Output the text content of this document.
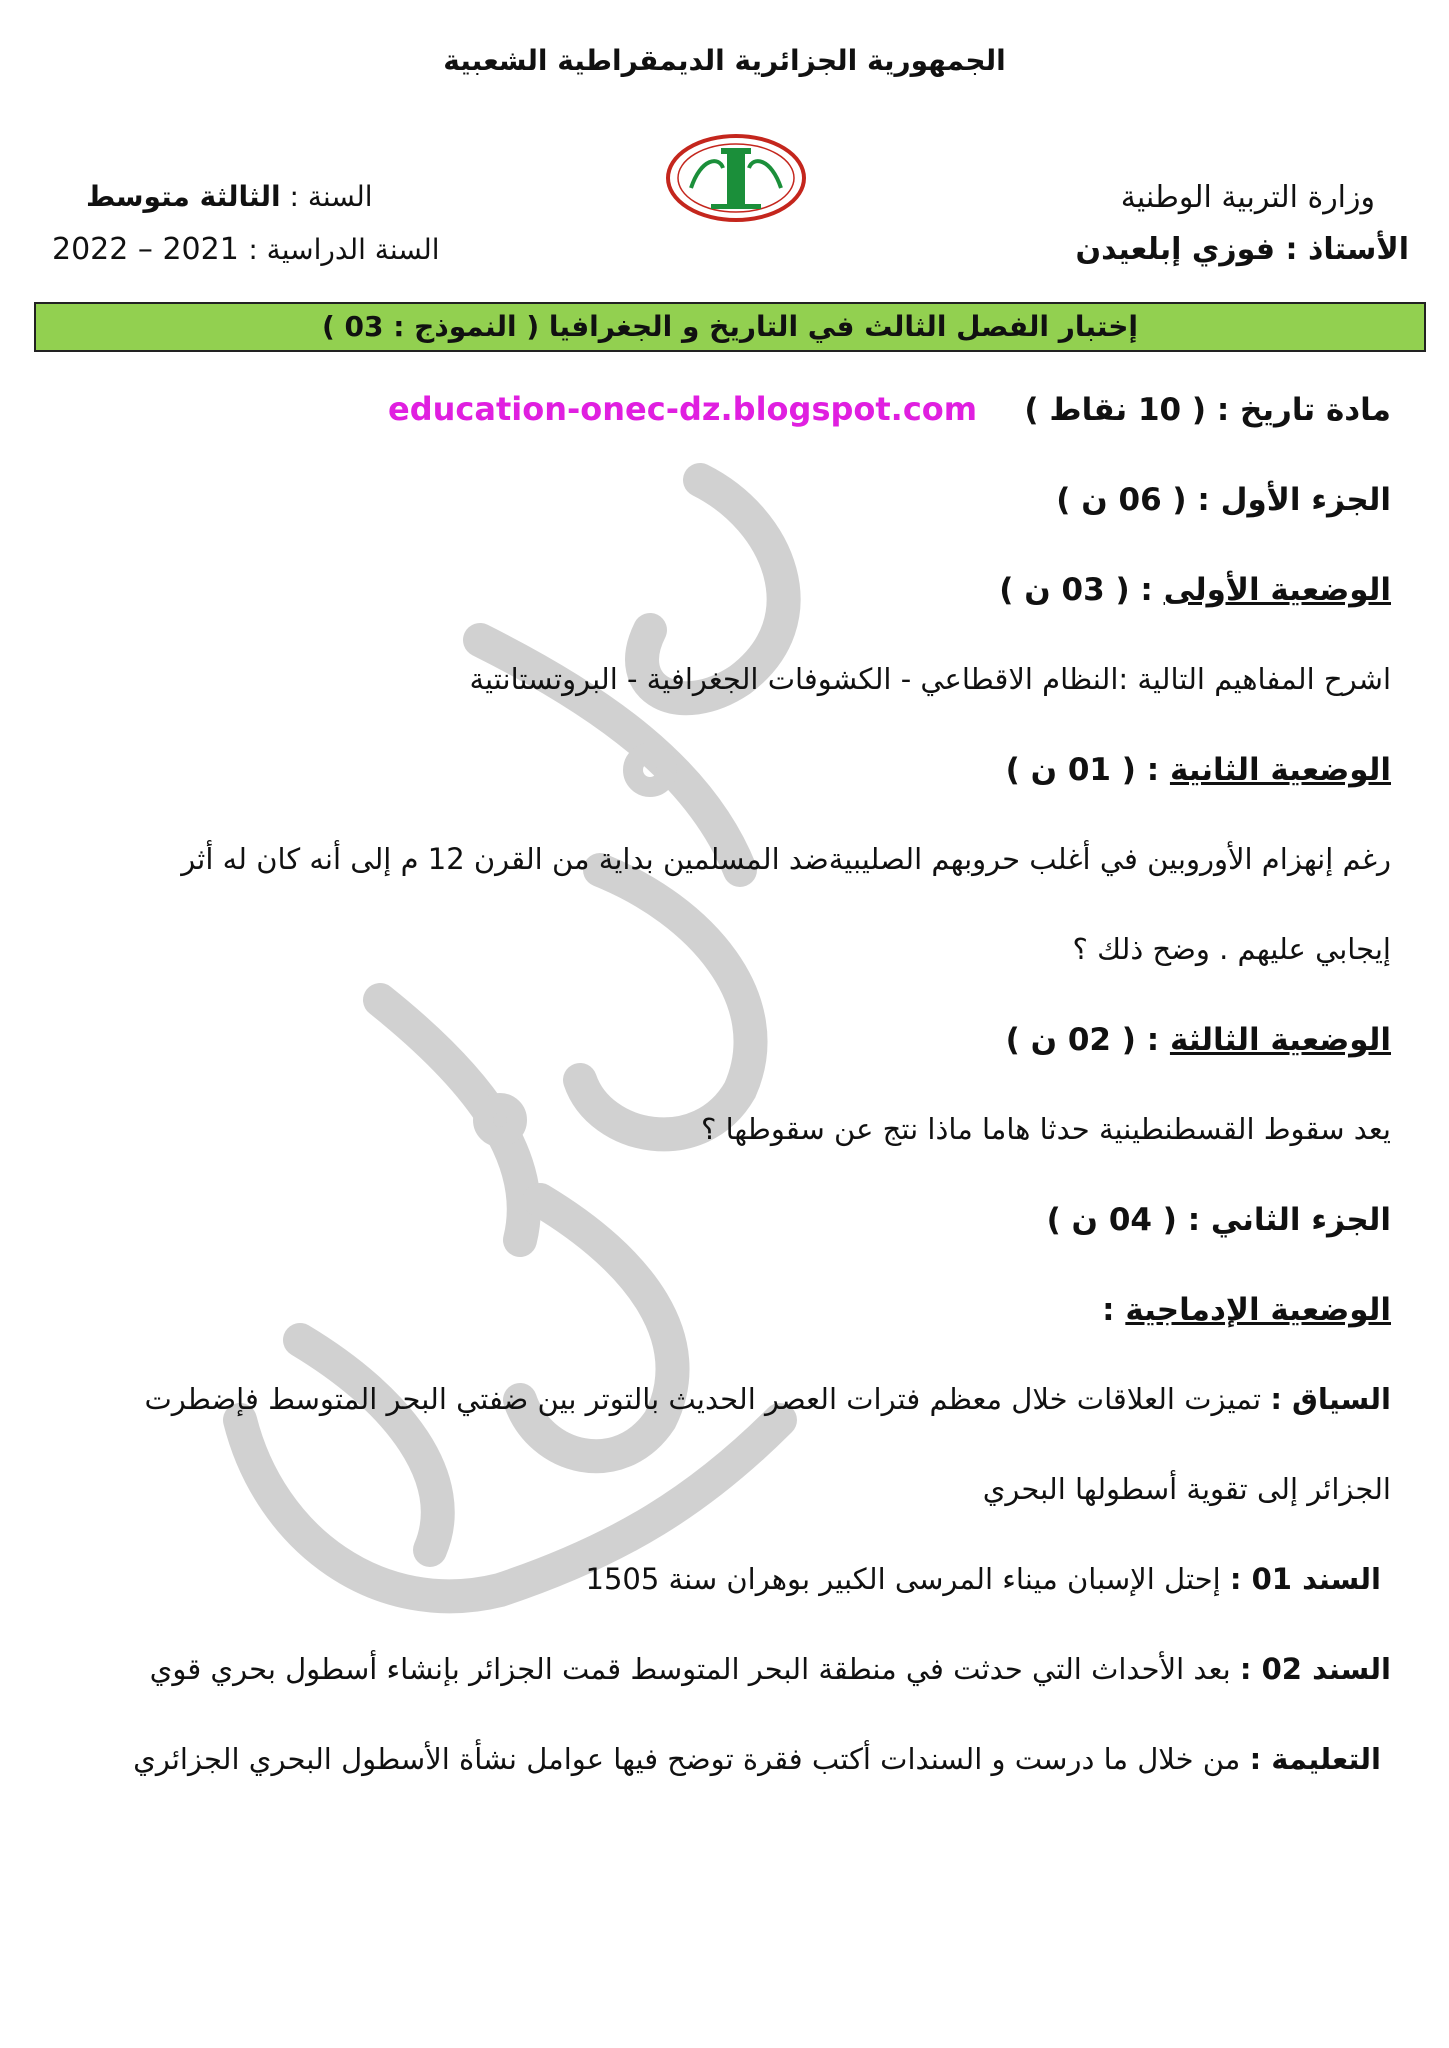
الجمهورية الجزائرية الديمقراطية الشعبية
وزارة التربية الوطنية
الأستاذ : فوزي إبلعيدن
السنة : الثالثة متوسط
السنة الدراسية : 2021 – 2022
إختبار الفصل الثالث في التاريخ و الجغرافيا ( النموذج : 03 )
education-onec-dz.blogspot.com مادة تاريخ : ( 10 نقاط )
الجزء الأول : ( 06 ن )
الوضعية الأولى : ( 03 ن )
اشرح المفاهيم التالية :النظام الاقطاعي - الكشوفات الجغرافية - البروتستانتية
الوضعية الثانية : ( 01 ن )
رغم إنهزام الأوروبين في أغلب حروبهم الصليبيةضد المسلمين بداية من القرن 12 م إلى أنه كان له أثر
إيجابي عليهم . وضح ذلك ؟
الوضعية الثالثة : ( 02 ن )
يعد سقوط القسطنطينية حدثا هاما ماذا نتج عن سقوطها ؟
الجزء الثاني : ( 04 ن )
الوضعية الإدماجية :
السياق : تميزت العلاقات خلال معظم فترات العصر الحديث بالتوتر بين ضفتي البحر المتوسط فإضطرت
الجزائر إلى تقوية أسطولها البحري
السند 01 : إحتل الإسبان ميناء المرسى الكبير بوهران سنة 1505
السند 02 : بعد الأحداث التي حدثت في منطقة البحر المتوسط قمت الجزائر بإنشاء أسطول بحري قوي
التعليمة : من خلال ما درست و السندات أكتب فقرة توضح فيها عوامل نشأة الأسطول البحري الجزائري
